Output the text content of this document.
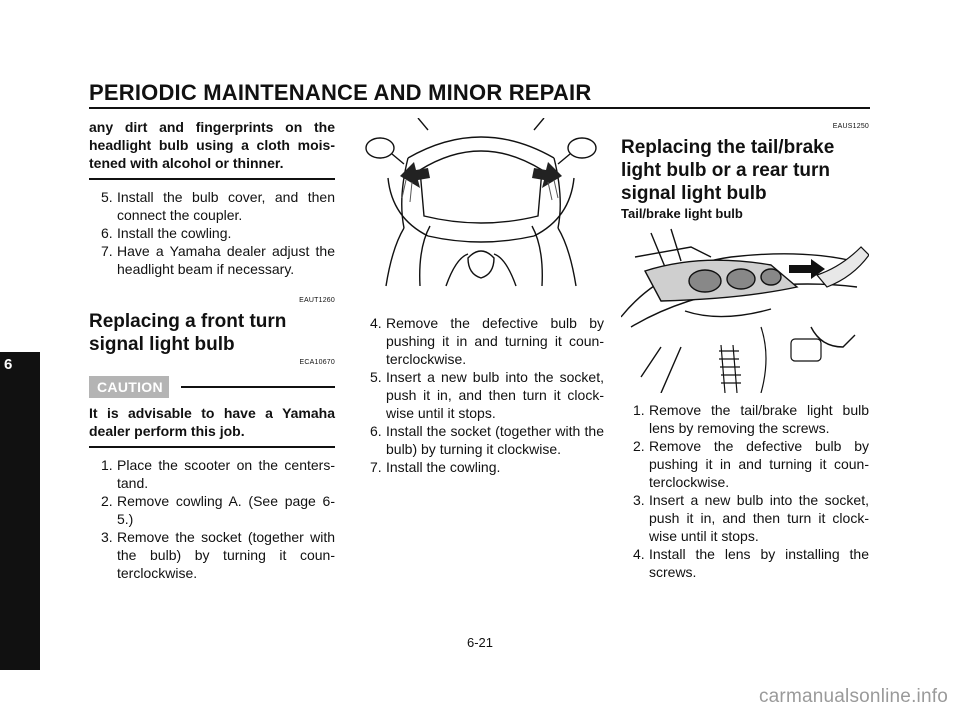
PERIODIC MAINTENANCE AND MINOR REPAIR
6

any dirt and fingerprints on the headlight bulb using a cloth mois-tened with alcohol or thinner.

5. Install the bulb cover, and then connect the coupler.
6. Install the cowling.
7. Have a Yamaha dealer adjust the headlight beam if necessary.

EAUT1260

Replacing a front turn signal light bulb

ECA10670

CAUTION

It is advisable to have a Yamaha dealer perform this job.

1. Place the scooter on the centers-tand.
2. Remove cowling A. (See page 6-5.)
3. Remove the socket (together with the bulb) by turning it coun-terclockwise.
4. Remove the defective bulb by pushing it in and turning it coun-terclockwise.
5. Insert a new bulb into the socket, push it in, and then turn it clock-wise until it stops.
6. Install the socket (together with the bulb) by turning it clockwise.
7. Install the cowling.

EAUS1250

Replacing the tail/brake light bulb or a rear turn signal light bulb

Tail/brake light bulb

1. Remove the tail/brake light bulb lens by removing the screws.
2. Remove the defective bulb by pushing it in and turning it coun-terclockwise.
3. Insert a new bulb into the socket, push it in, and then turn it clock-wise until it stops.
4. Install the lens by installing the screws.
6-21
carmanualsonline.info
